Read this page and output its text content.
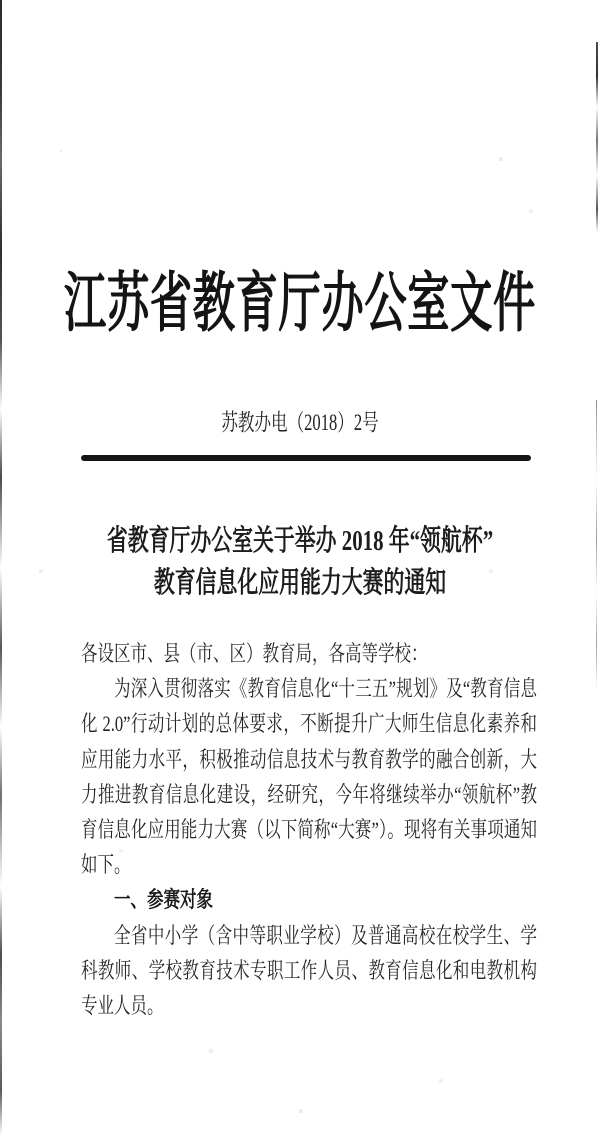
江苏省教育厅办公室文件
苏教办电（2018）2号
省教育厅办公室关于举办 2018 年“领航杯”
教育信息化应用能力大赛的通知

各设区市、县（市、区）教育局，各高等学校：

为深入贯彻落实《教育信息化“十三五”规划》及“教育信息化 2.0”行动计划的总体要求，不断提升广大师生信息化素养和应用能力水平，积极推动信息技术与教育教学的融合创新，大力推进教育信息化建设，经研究，今年将继续举办“领航杯”教育信息化应用能力大赛（以下简称“大赛”）。现将有关事项通知如下。

一、参赛对象

全省中小学（含中等职业学校）及普通高校在校学生、学科教师、学校教育技术专职工作人员、教育信息化和电教机构专业人员。
